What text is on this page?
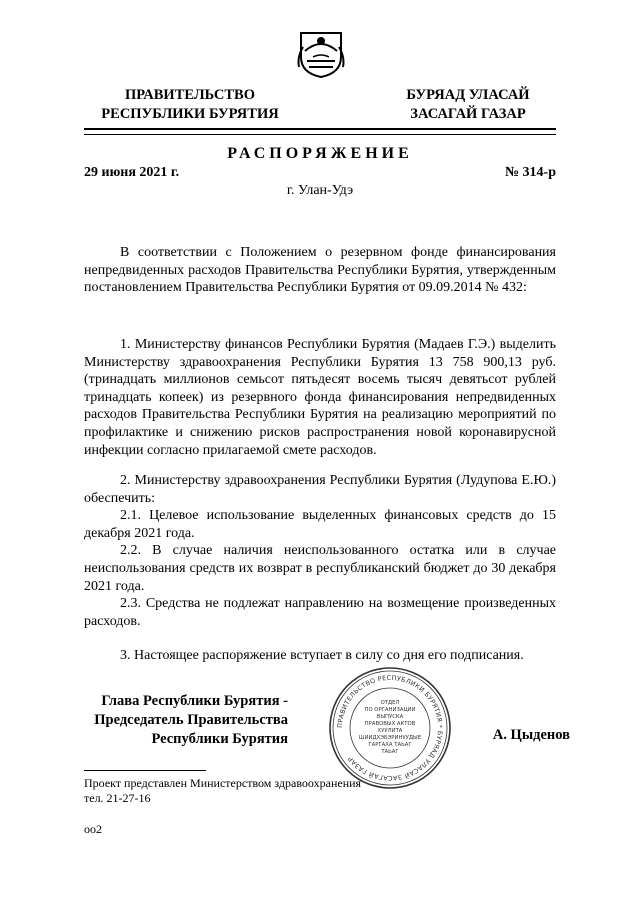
ПРАВИТЕЛЬСТВО
РЕСПУБЛИКИ БУРЯТИЯ
БУРЯАД УЛАСАЙ
ЗАСАГАЙ ГАЗАР
РАСПОРЯЖЕНИЕ
29 июня 2021 г.	№ 314-р
г. Улан-Удэ

В соответствии с Положением о резервном фонде финансирования непредвиденных расходов Правительства Республики Бурятия, утвержденным постановлением Правительства Республики Бурятия от 09.09.2014 № 432:

1. Министерству финансов Республики Бурятия (Мадаев Г.Э.) выделить Министерству здравоохранения Республики Бурятия 13 758 900,13 руб. (тринадцать миллионов семьсот пятьдесят восемь тысяч девятьсот рублей тринадцать копеек) из резервного фонда финансирования непредвиденных расходов Правительства Республики Бурятия на реализацию мероприятий по профилактике и снижению рисков распространения новой коронавирусной инфекции согласно прилагаемой смете расходов.

2. Министерству здравоохранения Республики Бурятия (Лудупова Е.Ю.) обеспечить:

2.1. Целевое использование выделенных финансовых средств до 15 декабря 2021 года.

2.2. В случае наличия неиспользованного остатка или в случае неиспользования средств их возврат в республиканский бюджет до 30 декабря 2021 года.

2.3. Средства не подлежат направлению на возмещение произведенных расходов.

3. Настоящее распоряжение вступает в силу со дня его подписания.

Глава Республики Бурятия -
Председатель Правительства
Республики Бурятия	А. Цыденов
ПРАВИТЕЛЬСТВО РЕСПУБЛИКИ БУРЯТИЯ * БУРЯАД УЛАСАЙ ЗАСАГАЙ ГАЗАР
ОТДЕЛ
ПО ОРГАНИЗАЦИИ
ВЫПУСКА
ПРАВОВЫХ АКТОВ
ХУУЛИТА
ШИИДХЭБЭРИНУУДЫЕ
ГАРГАХА ТАЬАГ
ТАЬАГ
Проект представлен Министерством здравоохранения
тел. 21-27-16
оо2
